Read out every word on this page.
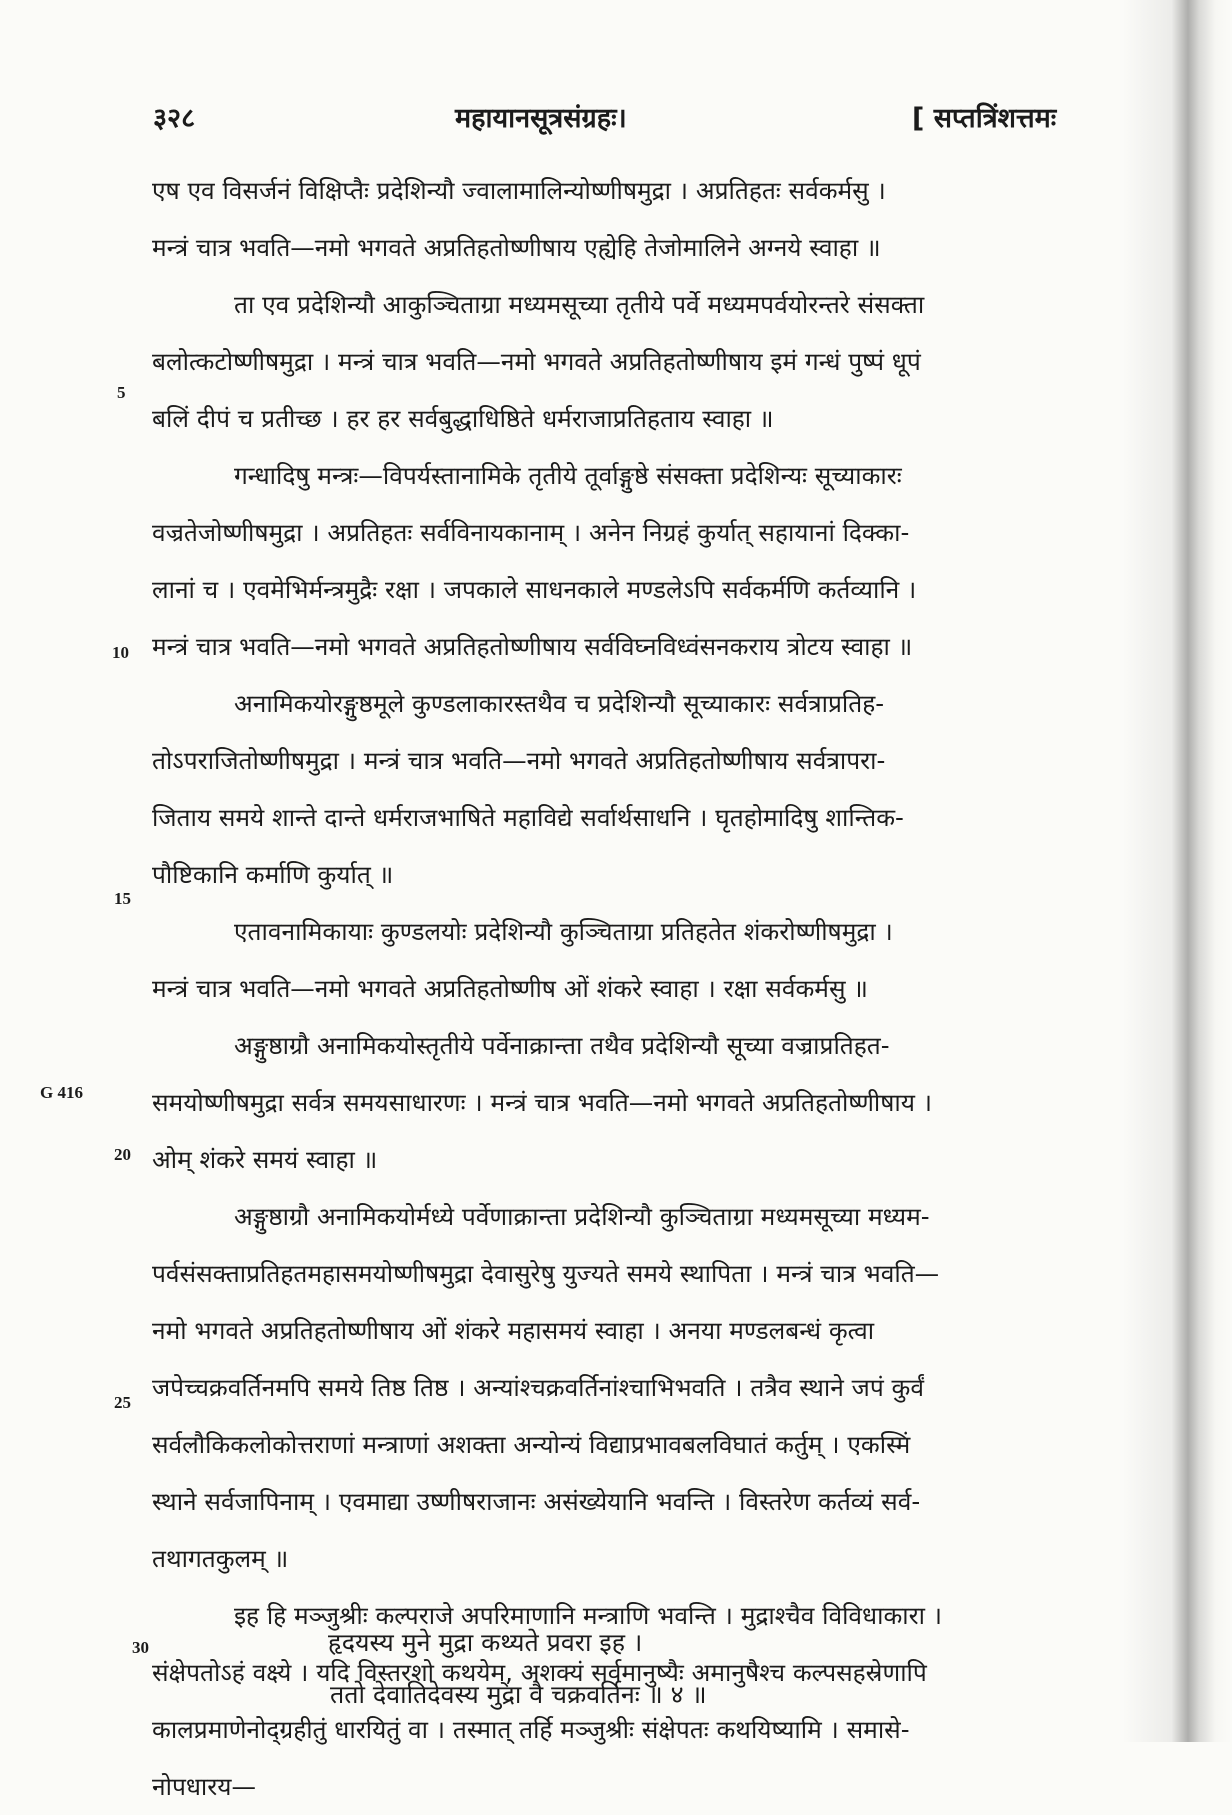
३२८	महायानसूत्रसंग्रहः।	[ सप्तत्रिंशत्तमः
5
10
15
G 416
20
25
30
एष एव विसर्जनं विक्षिप्तैः प्रदेशिन्यौ ज्वालामालिन्योष्णीषमुद्रा । अप्रतिहतः सर्वकर्मसु ।
मन्त्रं चात्र भवति—नमो भगवते अप्रतिहतोष्णीषाय एह्येहि तेजोमालिने अग्नये स्वाहा ॥
ता एव प्रदेशिन्यौ आकुञ्चिताग्रा मध्यमसूच्या तृतीये पर्वे मध्यमपर्वयोरन्तरे संसक्ता
बलोत्कटोष्णीषमुद्रा । मन्त्रं चात्र भवति—नमो भगवते अप्रतिहतोष्णीषाय इमं गन्धं पुष्पं धूपं
बलिं दीपं च प्रतीच्छ । हर हर सर्वबुद्धाधिष्ठिते धर्मराजाप्रतिहताय स्वाहा ॥
गन्धादिषु मन्त्रः—विपर्यस्तानामिके तृतीये तूर्वाङ्गुष्ठे संसक्ता प्रदेशिन्यः सूच्याकारः
वज्रतेजोष्णीषमुद्रा । अप्रतिहतः सर्वविनायकानाम् । अनेन निग्रहं कुर्यात् सहायानां दिक्का-
लानां च । एवमेभिर्मन्त्रमुद्रैः रक्षा । जपकाले साधनकाले मण्डलेऽपि सर्वकर्मणि कर्तव्यानि ।
मन्त्रं चात्र भवति—नमो भगवते अप्रतिहतोष्णीषाय सर्वविघ्नविध्वंसनकराय त्रोटय स्वाहा ॥
अनामिकयोरङ्गुष्ठमूले कुण्डलाकारस्तथैव च प्रदेशिन्यौ सूच्याकारः सर्वत्राप्रतिह-
तोऽपराजितोष्णीषमुद्रा । मन्त्रं चात्र भवति—नमो भगवते अप्रतिहतोष्णीषाय सर्वत्रापरा-
जिताय समये शान्ते दान्ते धर्मराजभाषिते महाविद्ये सर्वार्थसाधनि । घृतहोमादिषु शान्तिक-
पौष्टिकानि कर्माणि कुर्यात् ॥
एतावनामिकायाः कुण्डलयोः प्रदेशिन्यौ कुञ्चिताग्रा प्रतिहतेत शंकरोष्णीषमुद्रा ।
मन्त्रं चात्र भवति—नमो भगवते अप्रतिहतोष्णीष ओं शंकरे स्वाहा । रक्षा सर्वकर्मसु ॥
अङ्गुष्ठाग्रौ अनामिकयोस्तृतीये पर्वेनाक्रान्ता तथैव प्रदेशिन्यौ सूच्या वज्राप्रतिहत-
समयोष्णीषमुद्रा सर्वत्र समयसाधारणः । मन्त्रं चात्र भवति—नमो भगवते अप्रतिहतोष्णीषाय ।
ओम् शंकरे समयं स्वाहा ॥
अङ्गुष्ठाग्रौ अनामिकयोर्मध्ये पर्वेणाक्रान्ता प्रदेशिन्यौ कुञ्चिताग्रा मध्यमसूच्या मध्यम-
पर्वसंसक्ताप्रतिहतमहासमयोष्णीषमुद्रा देवासुरेषु युज्यते समये स्थापिता । मन्त्रं चात्र भवति—
नमो भगवते अप्रतिहतोष्णीषाय ओं शंकरे महासमयं स्वाहा । अनया मण्डलबन्धं कृत्वा
जपेच्चक्रवर्तिनमपि समये तिष्ठ तिष्ठ । अन्यांश्चक्रवर्तिनांश्चाभिभवति । तत्रैव स्थाने जपं कुर्वं
सर्वलौकिकलोकोत्तराणां मन्त्राणां अशक्ता अन्योन्यं विद्याप्रभावबलविघातं कर्तुम् । एकस्मिं
स्थाने सर्वजापिनाम् । एवमाद्या उष्णीषराजानः असंख्येयानि भवन्ति । विस्तरेण कर्तव्यं सर्व-
तथागतकुलम् ॥
इह हि मञ्जुश्रीः कल्पराजे अपरिमाणानि मन्त्राणि भवन्ति । मुद्राश्चैव विविधाकारा ।
संक्षेपतोऽहं वक्ष्ये । यदि विस्तरशो कथयेम्, अशक्यं सर्वमानुष्यैः अमानुषैश्च कल्पसहस्रेणापि
कालप्रमाणेनोद्ग्रहीतुं धारयितुं वा । तस्मात् तर्हि मञ्जुश्रीः संक्षेपतः कथयिष्यामि । समासे-
नोपधारय—
हृदयस्य मुने मुद्रा कथ्यते प्रवरा इह ।
ततो देवातिदेवस्य मुद्रा वै चक्रवर्तिनः ॥ ४ ॥
